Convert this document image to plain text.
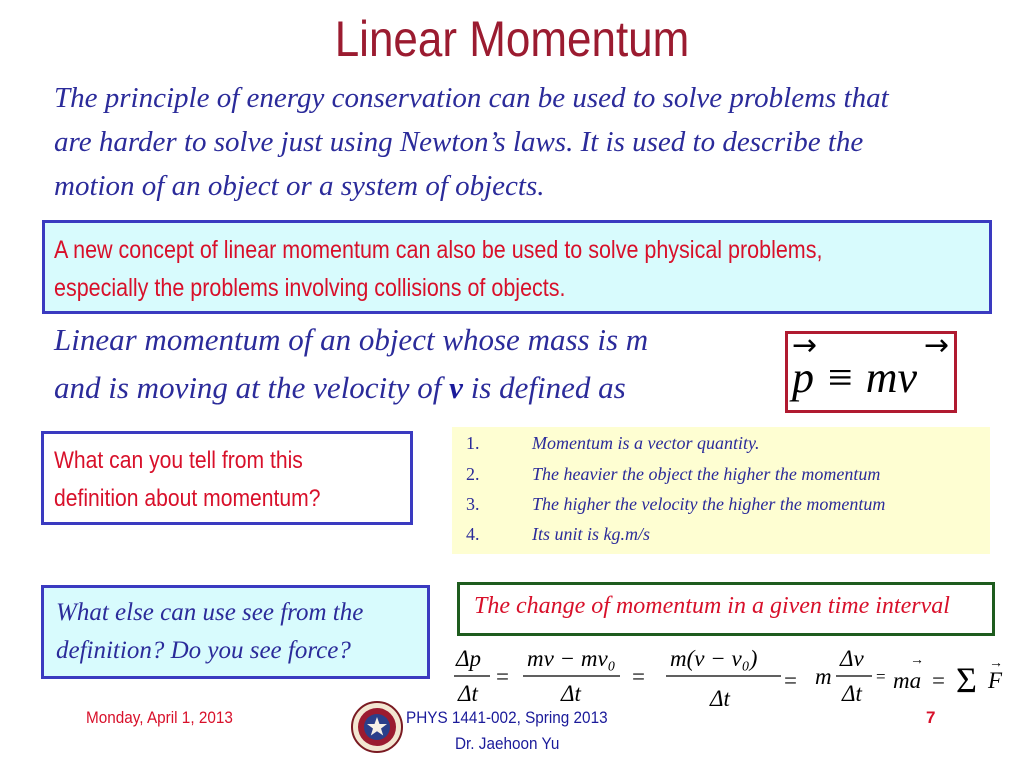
Linear Momentum
The principle of energy conservation can be used to solve problems that
are harder to solve just using Newton’s laws. It is used to describe the
motion of an object or a system of objects.

A new concept of linear momentum can also be used to solve physical problems,
especially the problems involving collisions of objects.

Linear momentum of an object whose mass is m
and is moving at the velocity of v is defined as
→	→
p ≡ mv

What can you tell from this
definition about momentum?

1.	Momentum is a vector quantity.
2.	The heavier the object the higher the momentum
3.	The higher the velocity the higher the momentum
4.	Its unit is kg.m/s

What else can use see from the
definition? Do you see force?

The change of momentum in a given time interval

Δp
Δt
=
mv − mv₀
Δt
=
m(v − v₀)
Δt
= m
Δv
Δt
= ma
→
= Σ F
→
Monday, April 1, 2013	PHYS 1441-002, Spring 2013
Dr. Jaehoon Yu
7
